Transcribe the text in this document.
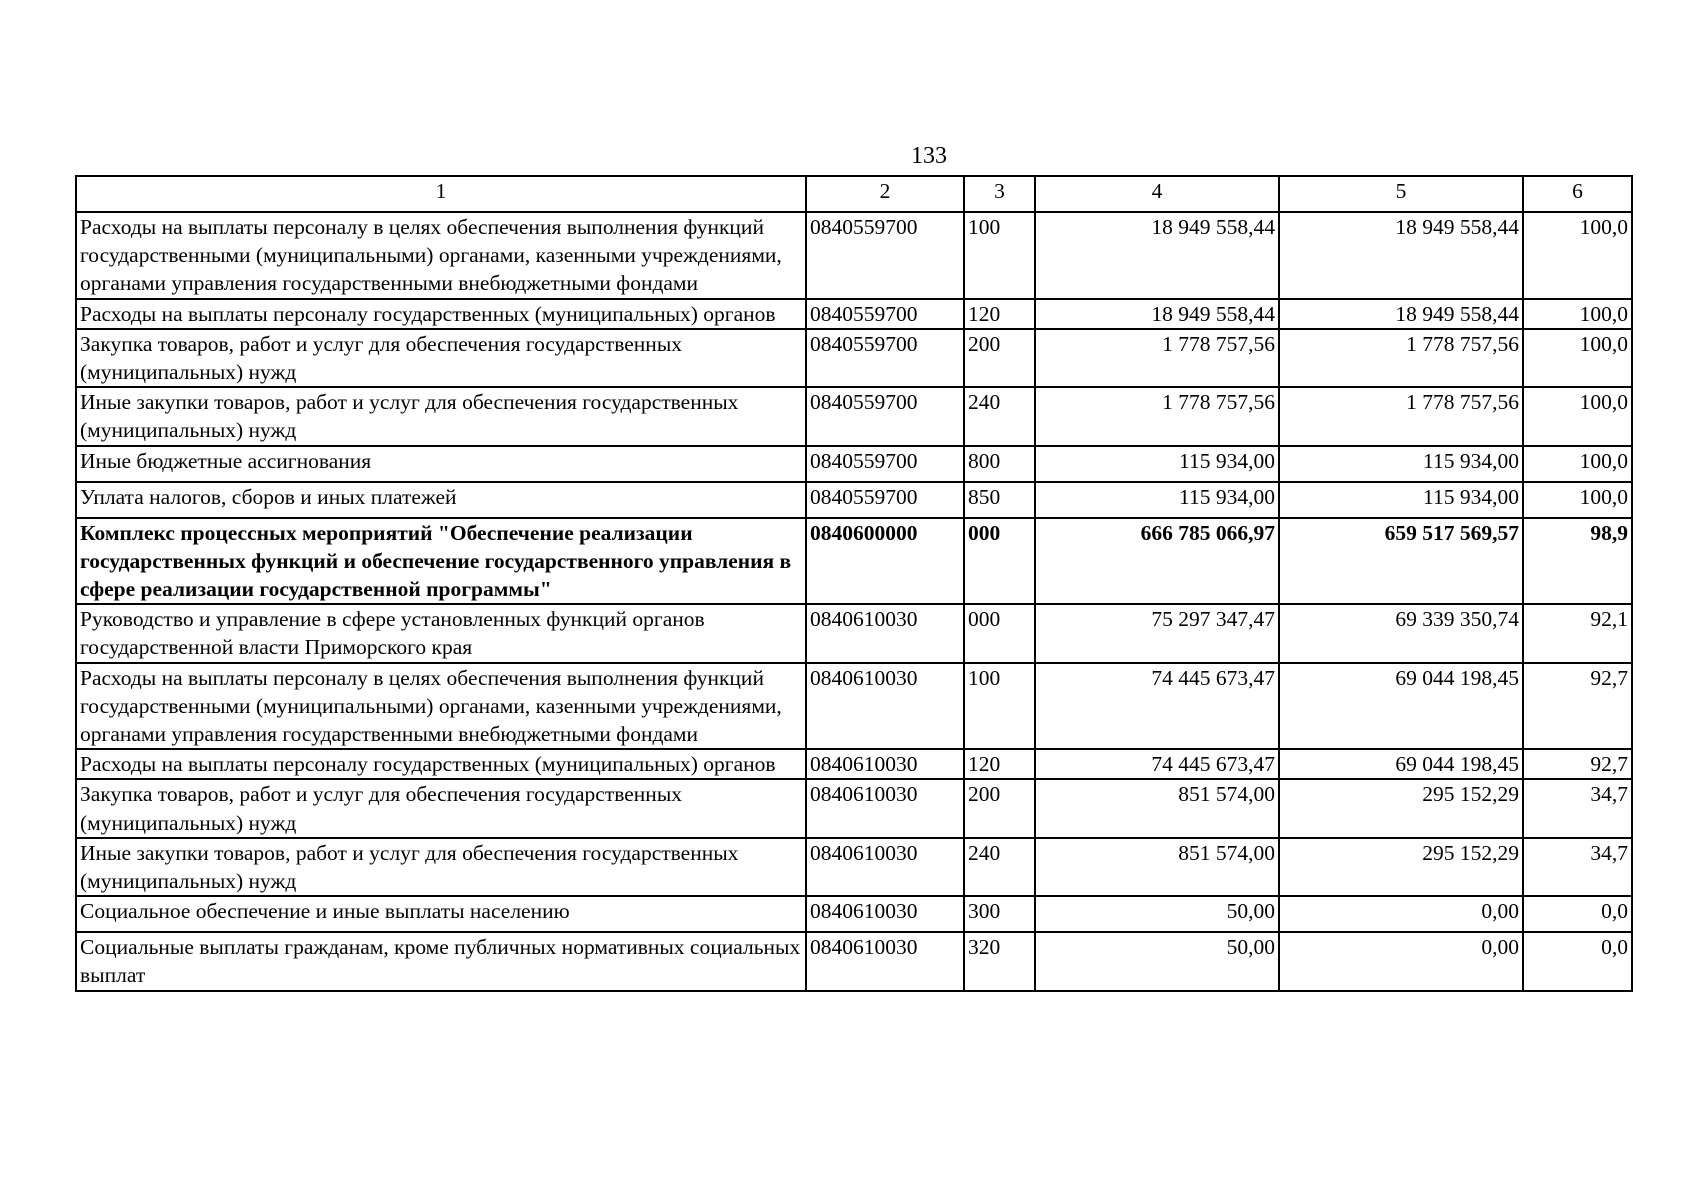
133
1	2	3	4	5	6
Расходы на выплаты персоналу в целях обеспечения выполнения функций государственными (муниципальными) органами, казенными учреждениями, органами управления государственными внебюджетными фондами	0840559700	100	18 949 558,44	18 949 558,44	100,0
Расходы на выплаты персоналу государственных (муниципальных) органов	0840559700	120	18 949 558,44	18 949 558,44	100,0
Закупка товаров, работ и услуг для обеспечения государственных (муниципальных) нужд	0840559700	200	1 778 757,56	1 778 757,56	100,0
Иные закупки товаров, работ и услуг для обеспечения государственных (муниципальных) нужд	0840559700	240	1 778 757,56	1 778 757,56	100,0
Иные бюджетные ассигнования	0840559700	800	115 934,00	115 934,00	100,0
Уплата налогов, сборов и иных платежей	0840559700	850	115 934,00	115 934,00	100,0
Комплекс процессных мероприятий "Обеспечение реализации государственных функций и обеспечение государственного управления в сфере реализации государственной программы"	0840600000	000	666 785 066,97	659 517 569,57	98,9
Руководство и управление в сфере установленных функций органов государственной власти Приморского края	0840610030	000	75 297 347,47	69 339 350,74	92,1
Расходы на выплаты персоналу в целях обеспечения выполнения функций государственными (муниципальными) органами, казенными учреждениями, органами управления государственными внебюджетными фондами	0840610030	100	74 445 673,47	69 044 198,45	92,7
Расходы на выплаты персоналу государственных (муниципальных) органов	0840610030	120	74 445 673,47	69 044 198,45	92,7
Закупка товаров, работ и услуг для обеспечения государственных (муниципальных) нужд	0840610030	200	851 574,00	295 152,29	34,7
Иные закупки товаров, работ и услуг для обеспечения государственных (муниципальных) нужд	0840610030	240	851 574,00	295 152,29	34,7
Социальное обеспечение и иные выплаты населению	0840610030	300	50,00	0,00	0,0
Социальные выплаты гражданам, кроме публичных нормативных социальных выплат	0840610030	320	50,00	0,00	0,0
